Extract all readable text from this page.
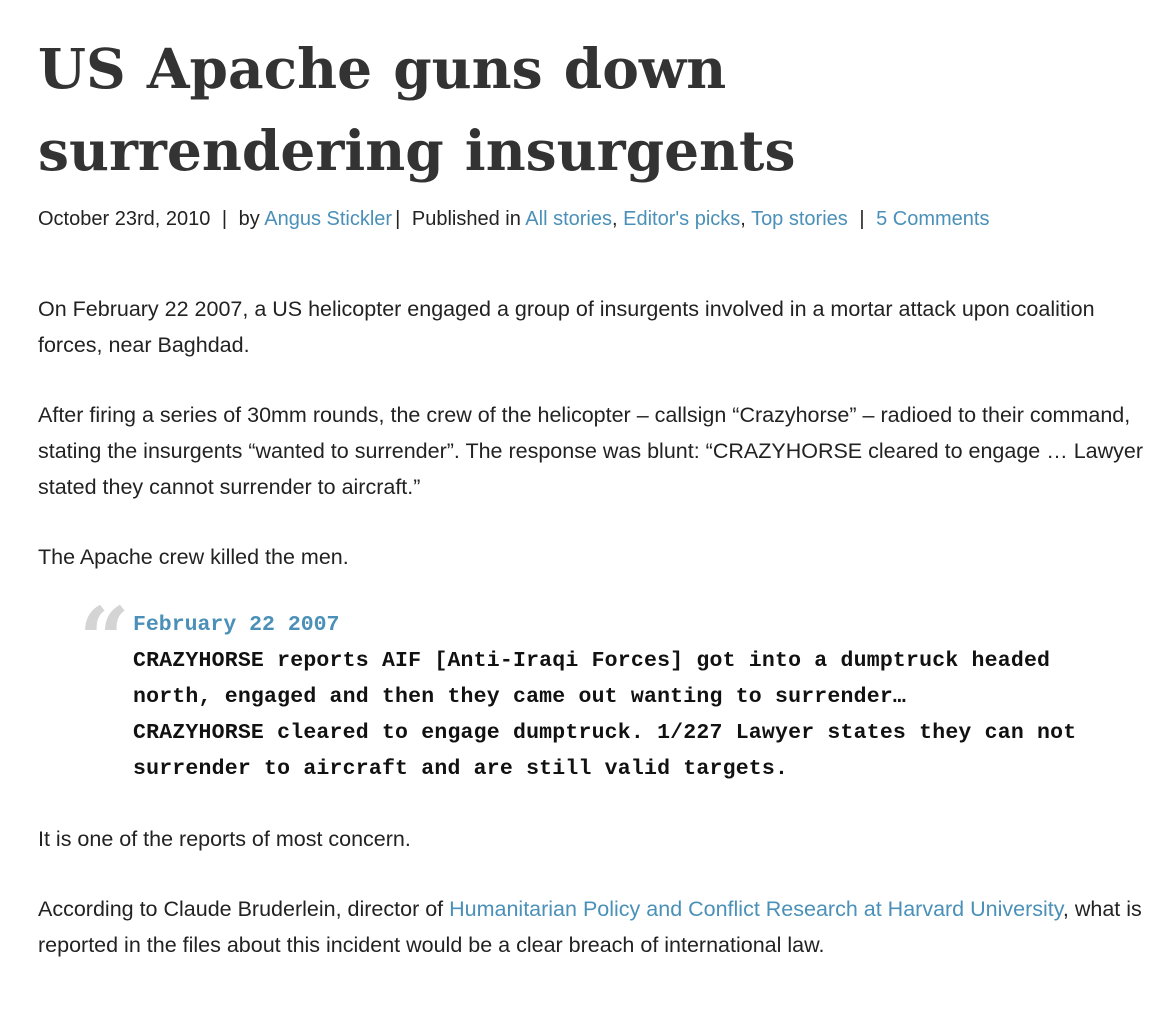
US Apache guns down surrendering insurgents
October 23rd, 2010 | by Angus Stickler | Published in All stories, Editor's picks, Top stories | 5 Comments

On February 22 2007, a US helicopter engaged a group of insurgents involved in a mortar attack upon coalition forces, near Baghdad.

After firing a series of 30mm rounds, the crew of the helicopter – callsign “Crazyhorse” – radioed to their command, stating the insurgents “wanted to surrender”. The response was blunt: “CRAZYHORSE cleared to engage … Lawyer stated they cannot surrender to aircraft.”

The Apache crew killed the men.

“ February 22 2007
CRAZYHORSE reports AIF [Anti-Iraqi Forces] got into a dumptruck headed north, engaged and then they came out wanting to surrender…
CRAZYHORSE cleared to engage dumptruck. 1/227 Lawyer states they can not surrender to aircraft and are still valid targets.

It is one of the reports of most concern.

According to Claude Bruderlein, director of Humanitarian Policy and Conflict Research at Harvard University, what is reported in the files about this incident would be a clear breach of international law.
